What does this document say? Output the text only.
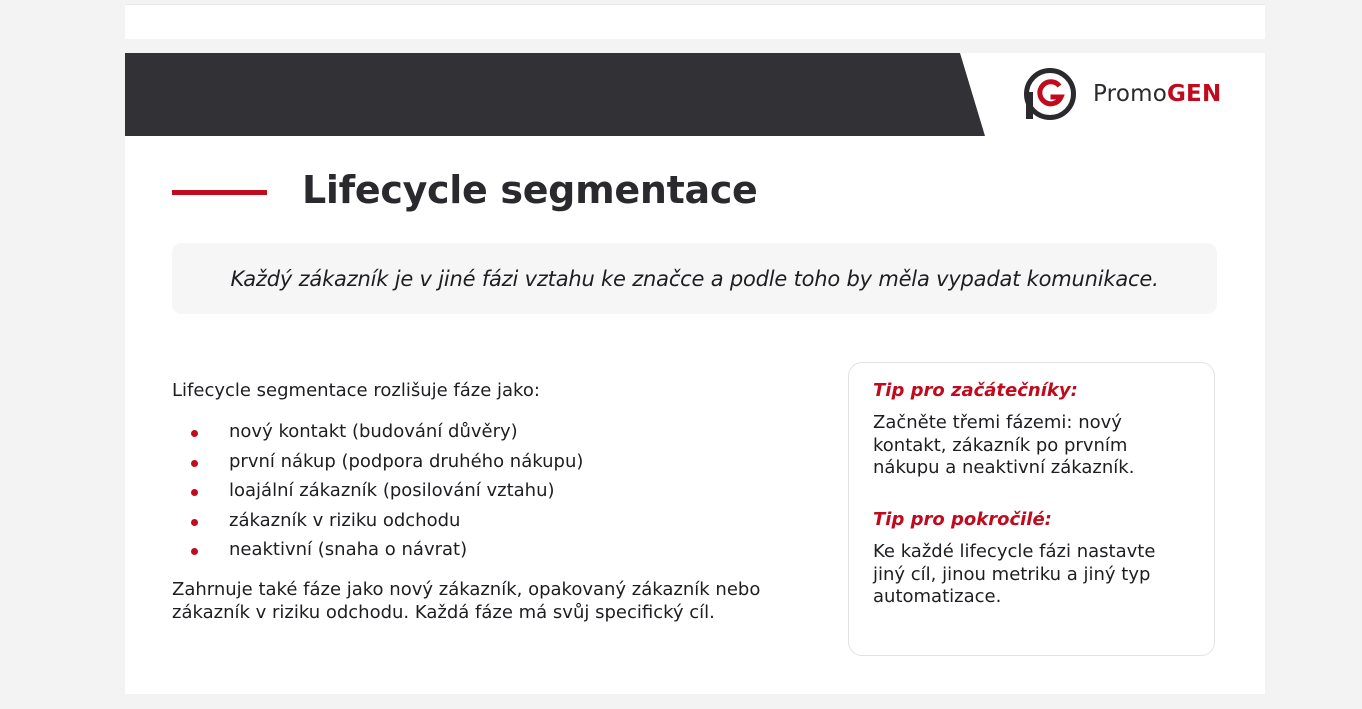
PromoGEN
Lifecycle segmentace
Každý zákazník je v jiné fázi vztahu ke značce a podle toho by měla vypadat komunikace.
Lifecycle segmentace rozlišuje fáze jako:
nový kontakt (budování důvěry)
první nákup (podpora druhého nákupu)
loajální zákazník (posilování vztahu)
zákazník v riziku odchodu
neaktivní (snaha o návrat)
Zahrnuje také fáze jako nový zákazník, opakovaný zákazník nebo zákazník v riziku odchodu. Každá fáze má svůj specifický cíl.
Tip pro začátečníky:
Začněte třemi fázemi: nový kontakt, zákazník po prvním nákupu a neaktivní zákazník.
Tip pro pokročilé:
Ke každé lifecycle fázi nastavte jiný cíl, jinou metriku a jiný typ automatizace.
